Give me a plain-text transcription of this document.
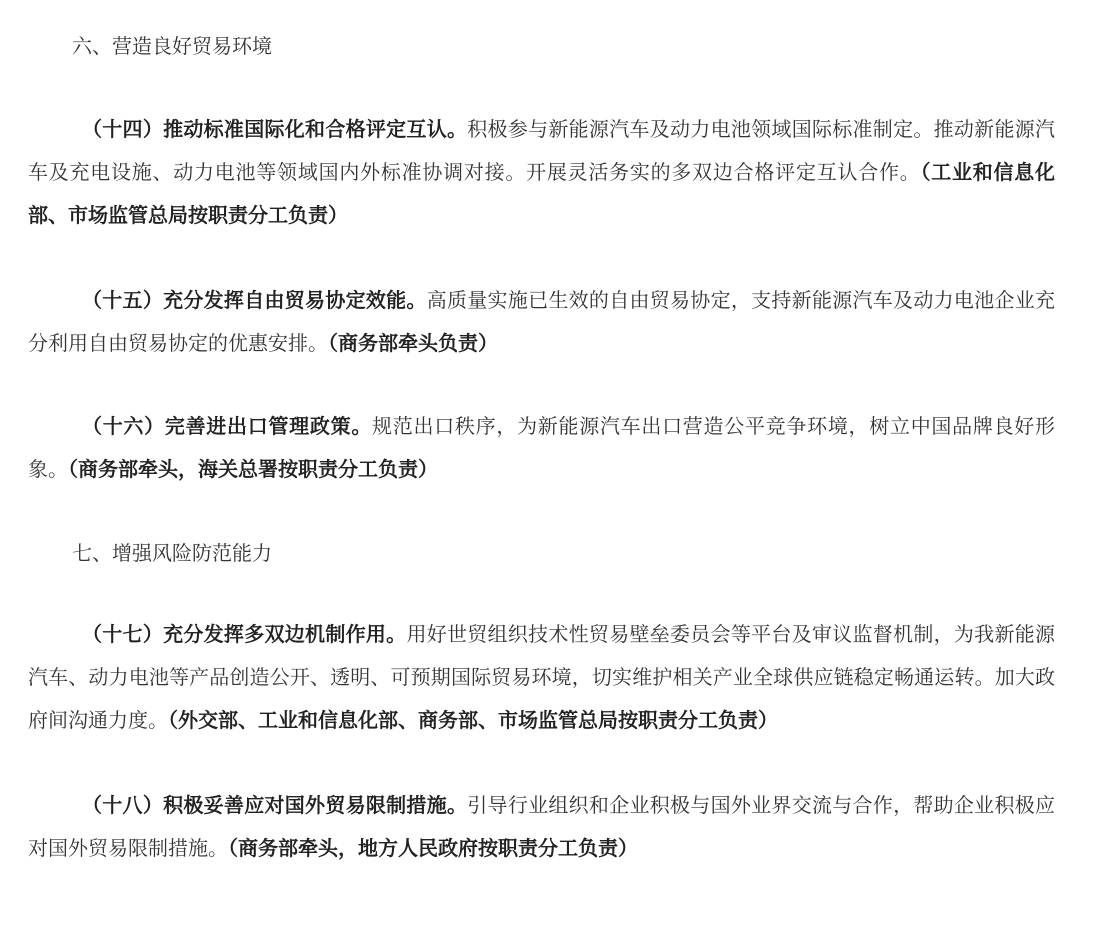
六、营造良好贸易环境

（十四）推动标准国际化和合格评定互认。积极参与新能源汽车及动力电池领域国际标准制定。推动新能源汽车及充电设施、动力电池等领域国内外标准协调对接。开展灵活务实的多双边合格评定互认合作。（工业和信息化部、市场监管总局按职责分工负责）

（十五）充分发挥自由贸易协定效能。高质量实施已生效的自由贸易协定，支持新能源汽车及动力电池企业充分利用自由贸易协定的优惠安排。（商务部牵头负责）

（十六）完善进出口管理政策。规范出口秩序，为新能源汽车出口营造公平竞争环境，树立中国品牌良好形象。（商务部牵头，海关总署按职责分工负责）

七、增强风险防范能力

（十七）充分发挥多双边机制作用。用好世贸组织技术性贸易壁垒委员会等平台及审议监督机制，为我新能源汽车、动力电池等产品创造公开、透明、可预期国际贸易环境，切实维护相关产业全球供应链稳定畅通运转。加大政府间沟通力度。（外交部、工业和信息化部、商务部、市场监管总局按职责分工负责）

（十八）积极妥善应对国外贸易限制措施。引导行业组织和企业积极与国外业界交流与合作，帮助企业积极应对国外贸易限制措施。（商务部牵头，地方人民政府按职责分工负责）
